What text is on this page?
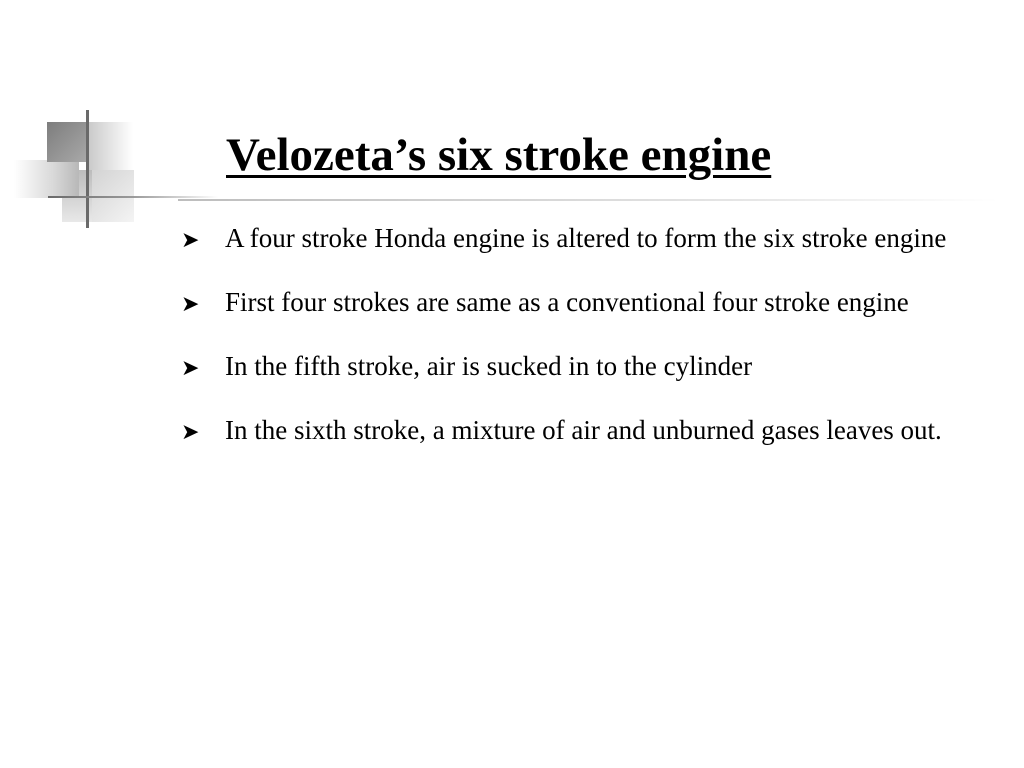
Velozeta’s six stroke engine
➤ A four stroke Honda engine is altered to form the six stroke engine
➤ First four strokes are same as a conventional four stroke engine
➤ In the fifth stroke, air is sucked in to the cylinder
➤ In the sixth stroke, a mixture of air and unburned gases leaves out.
